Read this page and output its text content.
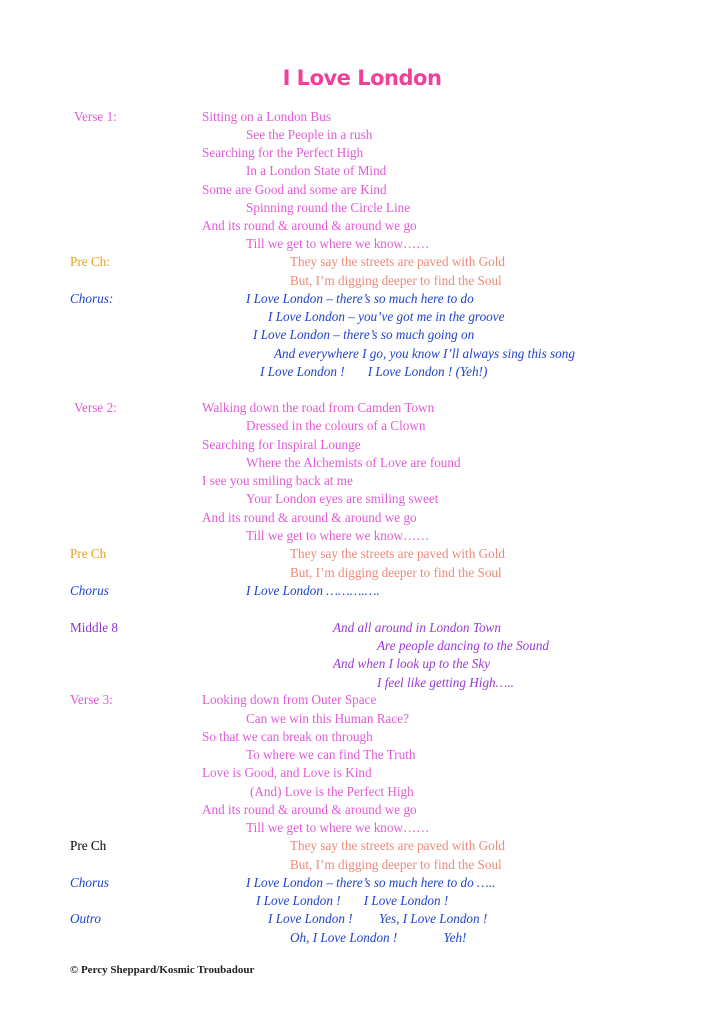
I Love London
Verse 1:	Sitting on a London Bus
See the People in a rush
Searching for the Perfect High
In a London State of Mind
Some are Good and some are Kind
Spinning round the Circle Line
And its round & around & around we go
Till we get to where we know……
Pre Ch:	They say the streets are paved with Gold
But, I’m digging deeper to find the Soul
Chorus:	I Love London – there’s so much here to do
I Love London – you’ve got me in the groove
I Love London – there’s so much going on
And everywhere I go, you know I’ll always sing this song
I Love London !       I Love London ! (Yeh!)
Verse 2:	Walking down the road from Camden Town
Dressed in the colours of a Clown
Searching for Inspiral Lounge
Where the Alchemists of Love are found
I see you smiling back at me
Your London eyes are smiling sweet
And its round & around & around we go
Till we get to where we know……
Pre Ch	They say the streets are paved with Gold
But, I’m digging deeper to find the Soul
Chorus	I Love London ……….….
Middle 8	And all around in London Town
Are people dancing to the Sound
And when I look up to the Sky
I feel like getting High…..
Verse 3:	Looking down from Outer Space
Can we win this Human Race?
So that we can break on through
To where we can find The Truth
Love is Good, and Love is Kind
(And) Love is the Perfect High
And its round & around & around we go
Till we get to where we know……
Pre Ch	They say the streets are paved with Gold
But, I’m digging deeper to find the Soul
Chorus	I Love London – there’s so much here to do …..
I Love London !       I Love London !
Outro	I Love London !        Yes, I Love London !
Oh, I Love London !              Yeh!
© Percy Sheppard/Kosmic Troubadour
